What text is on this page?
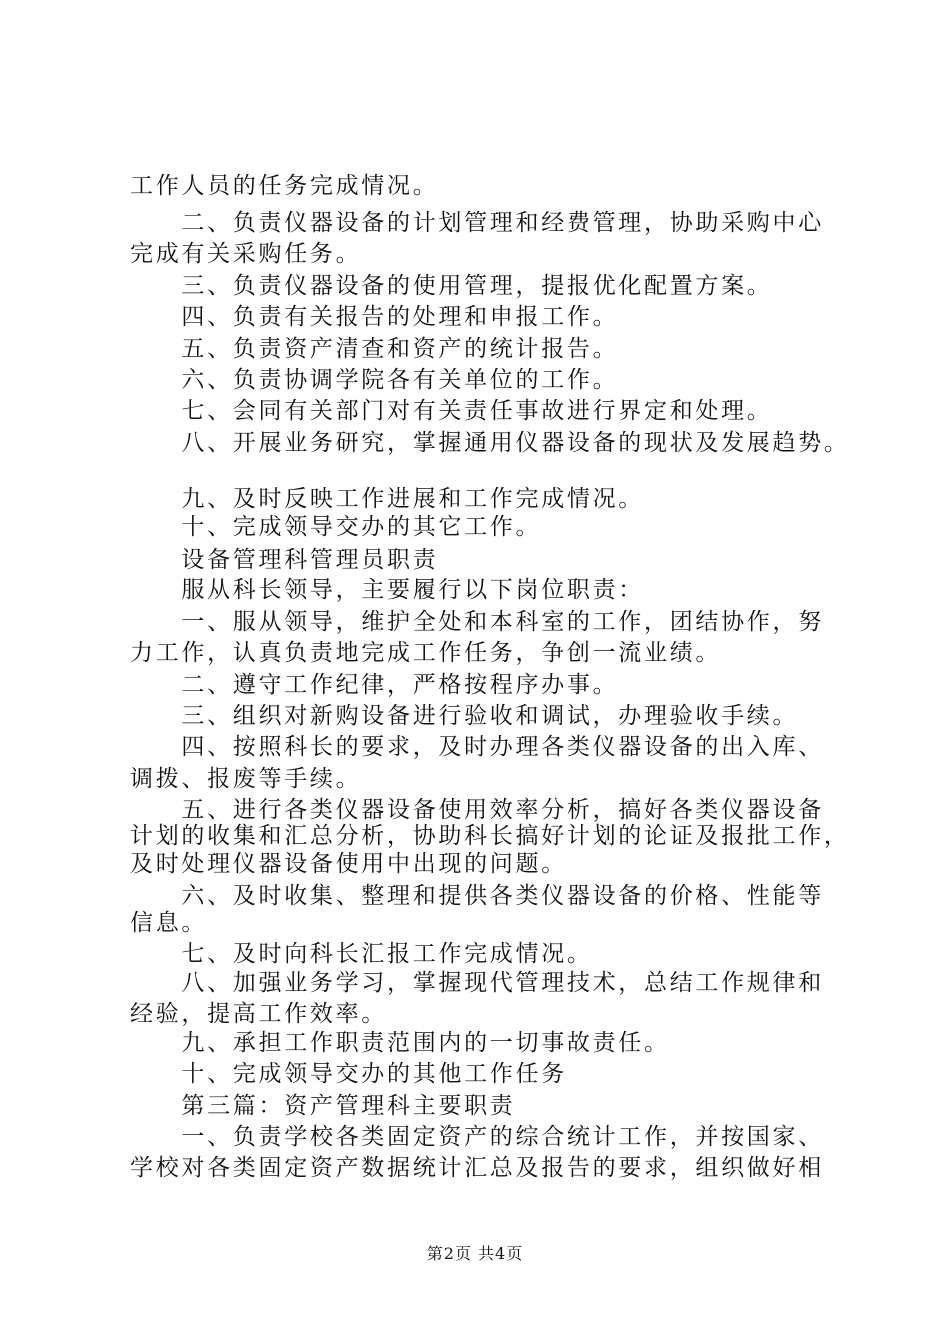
工作人员的任务完成情况。
　　二、负责仪器设备的计划管理和经费管理，协助采购中心
完成有关采购任务。
　　三、负责仪器设备的使用管理，提报优化配置方案。
　　四、负责有关报告的处理和申报工作。
　　五、负责资产清查和资产的统计报告。
　　六、负责协调学院各有关单位的工作。
　　七、会同有关部门对有关责任事故进行界定和处理。
　　八、开展业务研究，掌握通用仪器设备的现状及发展趋势。
　　九、及时反映工作进展和工作完成情况。
　　十、完成领导交办的其它工作。
　　设备管理科管理员职责
　　服从科长领导，主要履行以下岗位职责：
　　一、服从领导，维护全处和本科室的工作，团结协作，努
力工作，认真负责地完成工作任务，争创一流业绩。
　　二、遵守工作纪律，严格按程序办事。
　　三、组织对新购设备进行验收和调试，办理验收手续。
　　四、按照科长的要求，及时办理各类仪器设备的出入库、
调拨、报废等手续。
　　五、进行各类仪器设备使用效率分析，搞好各类仪器设备
计划的收集和汇总分析，协助科长搞好计划的论证及报批工作，
及时处理仪器设备使用中出现的问题。
　　六、及时收集、整理和提供各类仪器设备的价格、性能等
信息。
　　七、及时向科长汇报工作完成情况。
　　八、加强业务学习，掌握现代管理技术，总结工作规律和
经验，提高工作效率。
　　九、承担工作职责范围内的一切事故责任。
　　十、完成领导交办的其他工作任务
　　第三篇：资产管理科主要职责
　　一、负责学校各类固定资产的综合统计工作，并按国家、
学校对各类固定资产数据统计汇总及报告的要求，组织做好相
第2页 共4页
